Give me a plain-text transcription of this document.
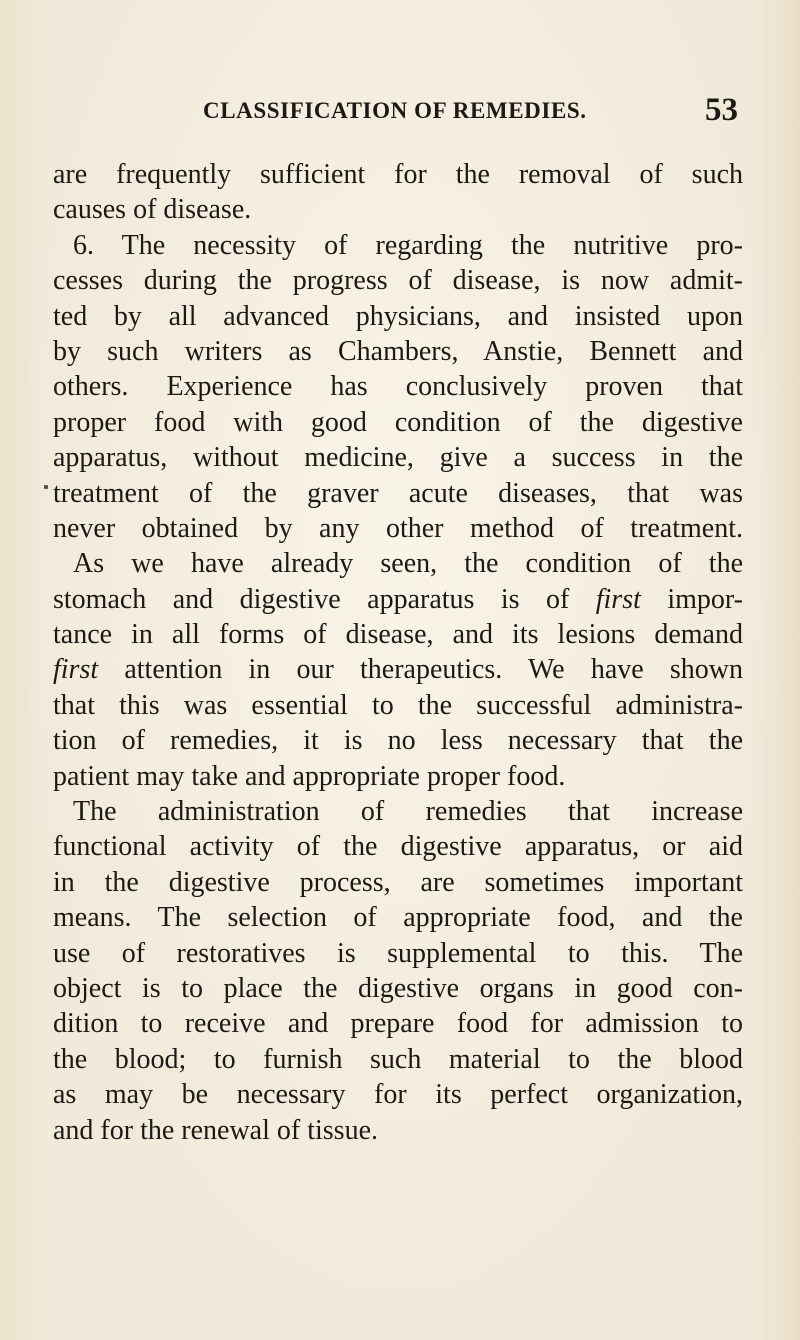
CLASSIFICATION OF REMEDIES.	53
are frequently sufficient for the removal of such
causes of disease.
6. The necessity of regarding the nutritive pro-
cesses during the progress of disease, is now admit-
ted by all advanced physicians, and insisted upon
by such writers as Chambers, Anstie, Bennett and
others. Experience has conclusively proven that
proper food with good condition of the digestive
apparatus, without medicine, give a success in the
treatment of the graver acute diseases, that was
never obtained by any other method of treatment.
As we have already seen, the condition of the
stomach and digestive apparatus is of first impor-
tance in all forms of disease, and its lesions demand
first attention in our therapeutics. We have shown
that this was essential to the successful administra-
tion of remedies, it is no less necessary that the
patient may take and appropriate proper food.
The administration of remedies that increase
functional activity of the digestive apparatus, or aid
in the digestive process, are sometimes important
means. The selection of appropriate food, and the
use of restoratives is supplemental to this. The
object is to place the digestive organs in good con-
dition to receive and prepare food for admission to
the blood; to furnish such material to the blood
as may be necessary for its perfect organization,
and for the renewal of tissue.
